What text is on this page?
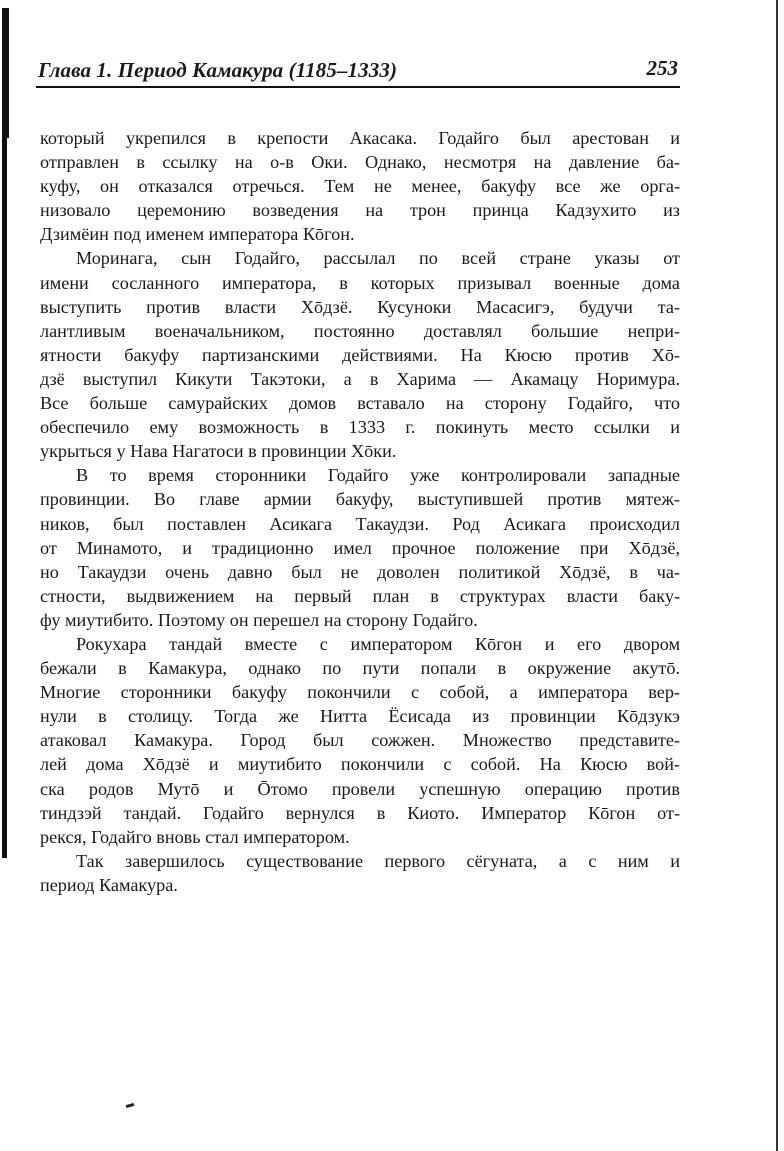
Глава 1. Период Камакура (1185–1333)	253
который укрепился в крепости Акасака. Годайго был арестован и
отправлен в ссылку на о-в Оки. Однако, несмотря на давление ба-
куфу, он отказался отречься. Тем не менее, бакуфу все же орга-
низовало церемонию возведения на трон принца Кадзухито из
Дзимёин под именем императора Кōгон.
Моринага, сын Годайго, рассылал по всей стране указы от
имени сосланного императора, в которых призывал военные дома
выступить против власти Хōдзё. Кусуноки Масасигэ, будучи та-
лантливым военачальником, постоянно доставлял большие непри-
ятности бакуфу партизанскими действиями. На Кюсю против Хō-
дзё выступил Кикути Такэтоки, а в Харима — Акамацу Норимура.
Все больше самурайских домов вставало на сторону Годайго, что
обеспечило ему возможность в 1333 г. покинуть место ссылки и
укрыться у Нава Нагатоси в провинции Хōки.
В то время сторонники Годайго уже контролировали западные
провинции. Во главе армии бакуфу, выступившей против мятеж-
ников, был поставлен Асикага Такаудзи. Род Асикага происходил
от Минамото, и традиционно имел прочное положение при Хōдзё,
но Такаудзи очень давно был не доволен политикой Хōдзё, в ча-
стности, выдвижением на первый план в структурах власти баку-
фу миутибито. Поэтому он перешел на сторону Годайго.
Рокухара тандай вместе с императором Кōгон и его двором
бежали в Камакура, однако по пути попали в окружение акутō.
Многие сторонники бакуфу покончили с собой, а императора вер-
нули в столицу. Тогда же Нитта Ёсисада из провинции Кōдзукэ
атаковал Камакура. Город был сожжен. Множество представите-
лей дома Хōдзё и миутибито покончили с собой. На Кюсю вой-
ска родов Мутō и Ōтомо провели успешную операцию против
тиндзэй тандай. Годайго вернулся в Киото. Император Кōгон от-
рекся, Годайго вновь стал императором.
Так завершилось существование первого сёгуната, а с ним и
период Камакура.
